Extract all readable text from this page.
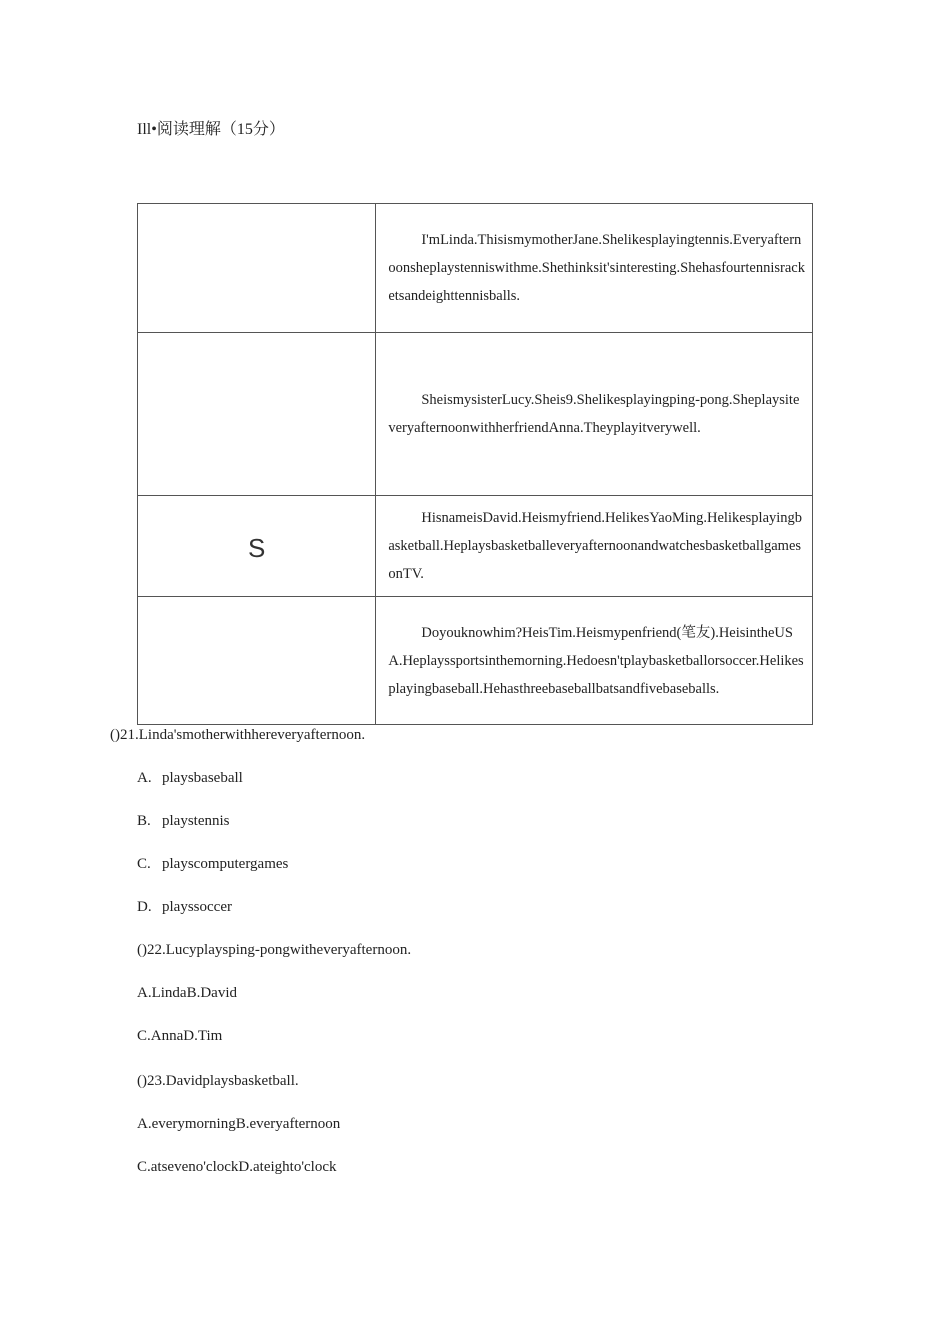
Ill•阅读理解（15分）

	I'mLinda.ThisismymotherJane.Shelikesplayingtennis.Everyafternoonsheplaystenniswithme.Shethinksit'sinteresting.Shehasfourtennisracketsandeighttennisballs.

	SheismysisterLucy.Sheis9.Shelikesplayingping-pong.SheplaysiteveryafternoonwithherfriendAnna.Theyplayitverywell.

S	HisnameisDavid.Heismyfriend.HelikesYaoMing.Helikesplayingbasketball.HeplaysbasketballeveryafternoonandwatchesbasketballgamesonTV.

	Doyouknowhim?HeisTim.Heismypenfriend(笔友).HeisintheUSA.Heplayssportsinthemorning.Hedoesn'tplaybasketballorsoccer.Helikesplayingbaseball.Hehasthreebaseballbatsandfivebaseballs.
()21.Linda'smotherwithhereveryafternoon.
A. playsbaseball
B. playstennis
C. playscomputergames
D. playssoccer
()22.Lucyplaysping-pongwitheveryafternoon.
A.LindaB.David
C.AnnaD.Tim
()23.Davidplaysbasketball.
A.everymorningB.everyafternoon
C.atseveno'clockD.ateighto'clock
